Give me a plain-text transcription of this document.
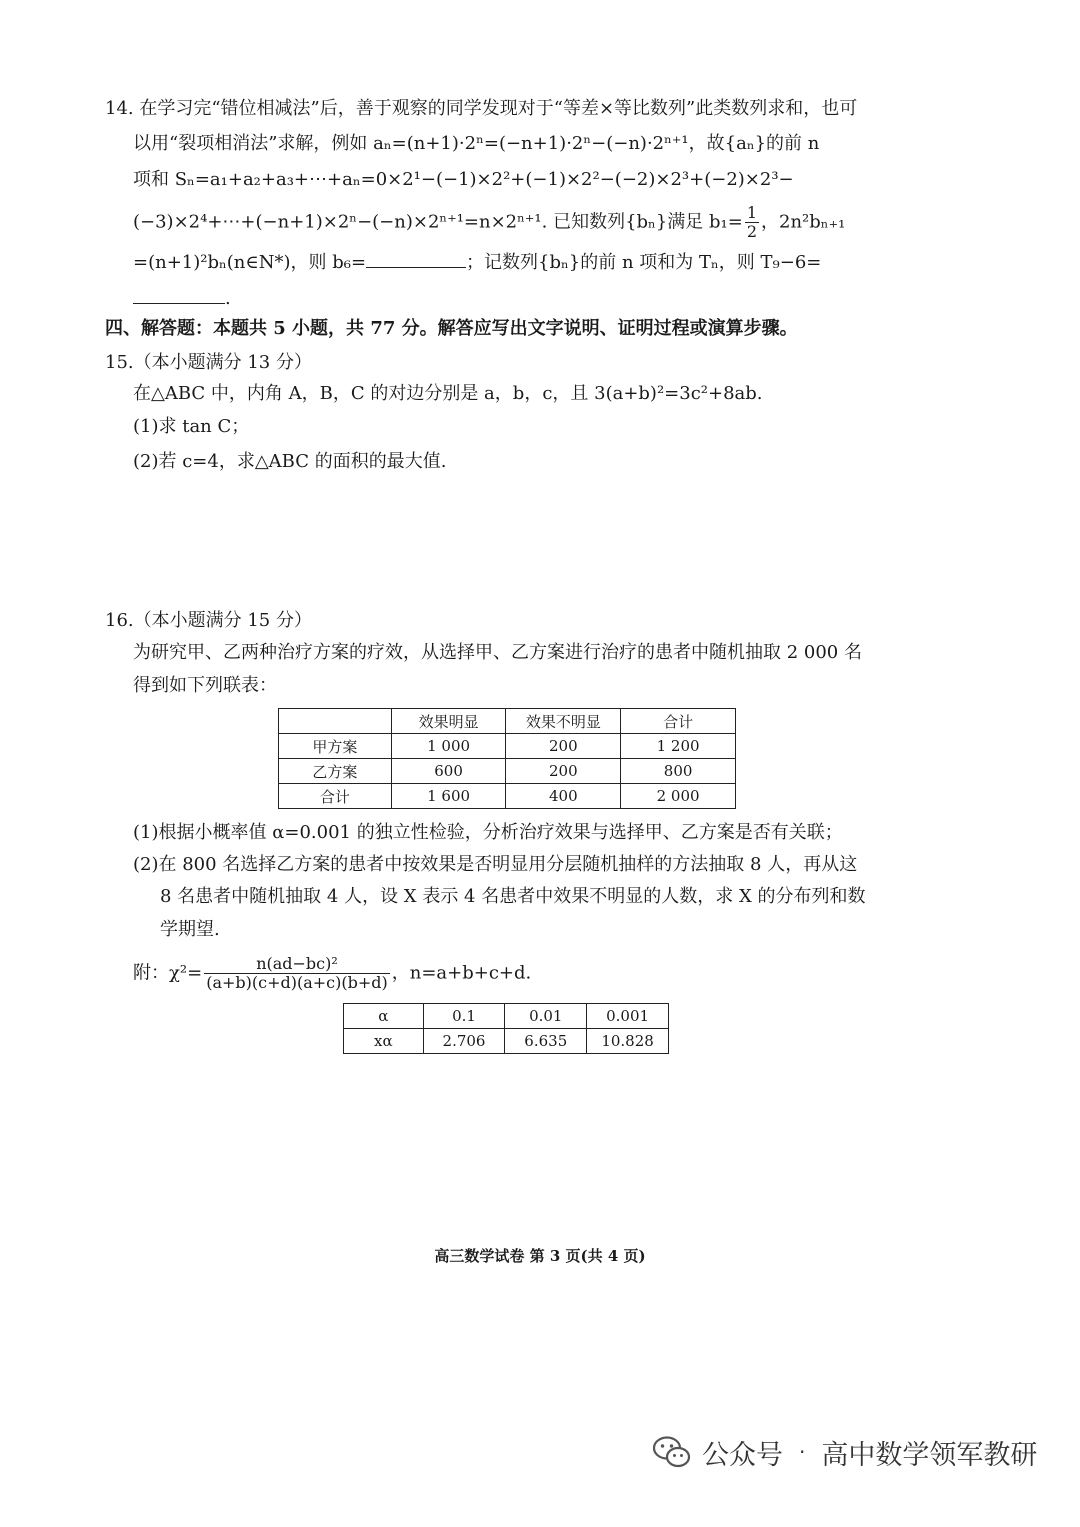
14. 在学习完“错位相减法”后，善于观察的同学发现对于“等差×等比数列”此类数列求和，也可
以用“裂项相消法”求解，例如 aₙ=(n+1)·2ⁿ=(−n+1)·2ⁿ−(−n)·2ⁿ⁺¹，故{aₙ}的前 n
项和 Sₙ=a₁+a₂+a₃+⋯+aₙ=0×2¹−(−1)×2²+(−1)×2²−(−2)×2³+(−2)×2³−
(−3)×2⁴+⋯+(−n+1)×2ⁿ−(−n)×2ⁿ⁺¹=n×2ⁿ⁺¹. 已知数列{bₙ}满足 $b_1= \frac{1}{2}$ ，2n²bₙ₊₁
=(n+1)²bₙ(n∈N*)，则 b₆=	；记数列{bₙ}的前 n 项和为 Tₙ，则 T₉−6=
.
四、解答题：本题共 5 小题，共 77 分。解答应写出文字说明、证明过程或演算步骤。
15.（本小题满分 13 分）
在△ABC 中，内角 A，B，C 的对边分别是 a，b，c，且 3(a+b)²=3c²+8ab.
(1)求 tan C；
(2)若 c=4，求△ABC 的面积的最大值.
16.（本小题满分 15 分）
为研究甲、乙两种治疗方案的疗效，从选择甲、乙方案进行治疗的患者中随机抽取 2 000 名
得到如下列联表：
	效果明显	效果不明显	合计
甲方案	1 000	200	1 200
乙方案	600	200	800
合计	1 600	400	2 000
(1)根据小概率值 α=0.001 的独立性检验，分析治疗效果与选择甲、乙方案是否有关联；
(2)在 800 名选择乙方案的患者中按效果是否明显用分层随机抽样的方法抽取 8 人，再从这
8 名患者中随机抽取 4 人，设 X 表示 4 名患者中效果不明显的人数，求 X 的分布列和数
学期望.
附：$\chi^2= \frac{\text{n(ad−bc)²}}{(a+b)(c+d)(a+c)(b+d)}$ ，n=a+b+c+d.
α	0.1	0.01	0.001
xα	2.706	6.635	10.828
高三数学试卷 第 3 页(共 4 页)
公众号 · 高中数学领军教研
